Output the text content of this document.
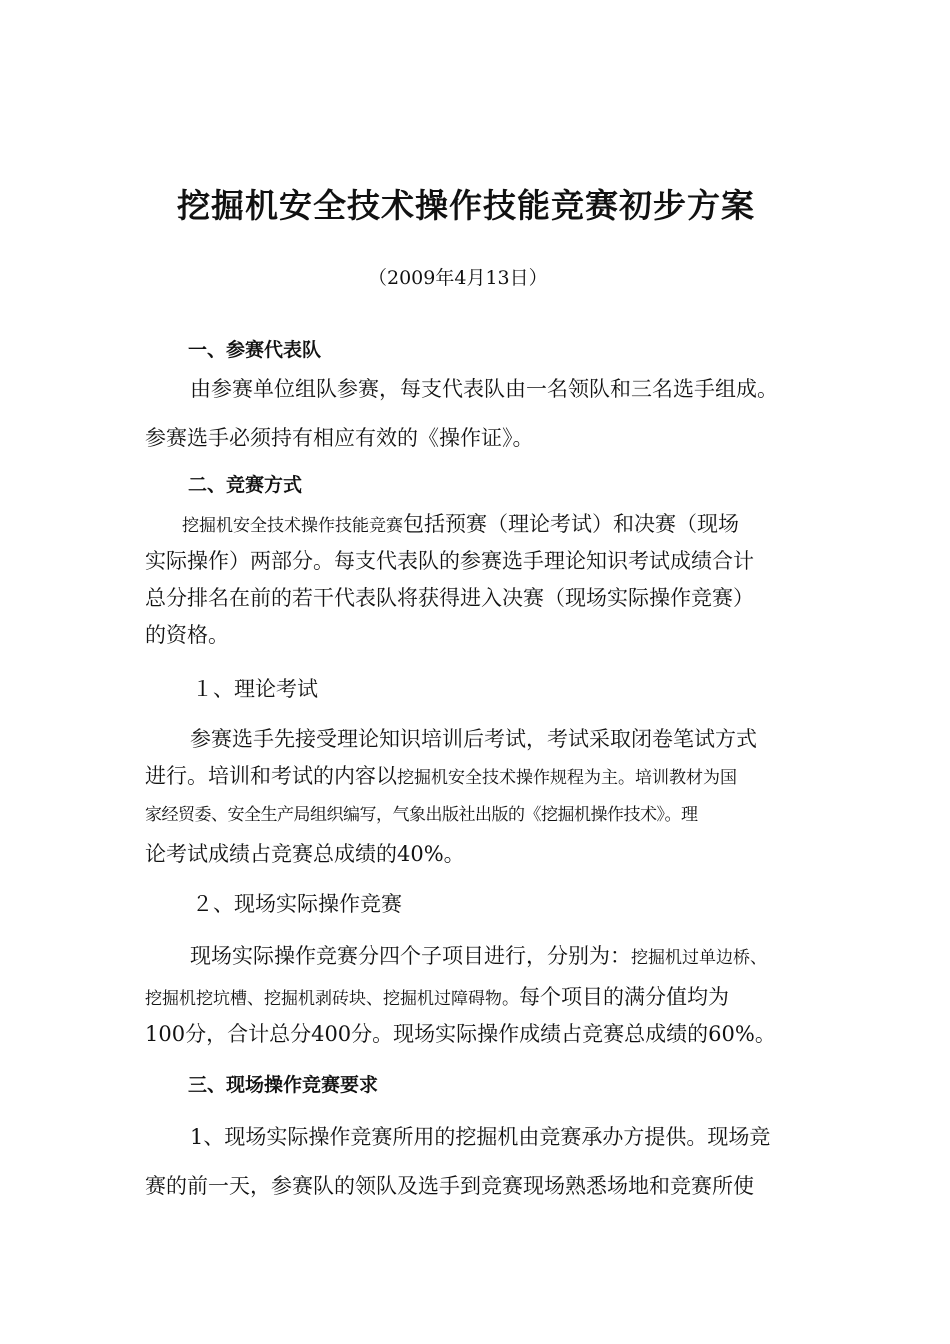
挖掘机安全技术操作技能竞赛初步方案
（2009年4月13日）
一、参赛代表队
由参赛单位组队参赛，每支代表队由一名领队和三名选手组成。
参赛选手必须持有相应有效的《操作证》。
二、竞赛方式
挖掘机安全技术操作技能竞赛包括预赛（理论考试）和决赛（现场
实际操作）两部分。每支代表队的参赛选手理论知识考试成绩合计
总分排名在前的若干代表队将获得进入决赛（现场实际操作竞赛）
的资格。
１、理论考试
参赛选手先接受理论知识培训后考试，考试采取闭卷笔试方式
进行。培训和考试的内容以挖掘机安全技术操作规程为主。培训教材为国
家经贸委、安全生产局组织编写，气象出版社出版的《挖掘机操作技术》。理
论考试成绩占竞赛总成绩的40%。
２、现场实际操作竞赛
现场实际操作竞赛分四个子项目进行，分别为：挖掘机过单边桥、
挖掘机挖坑槽、挖掘机剥砖块、挖掘机过障碍物。每个项目的满分值均为
100分，合计总分400分。现场实际操作成绩占竞赛总成绩的60%。
三、现场操作竞赛要求
1、现场实际操作竞赛所用的挖掘机由竞赛承办方提供。现场竞
赛的前一天，参赛队的领队及选手到竞赛现场熟悉场地和竞赛所使
